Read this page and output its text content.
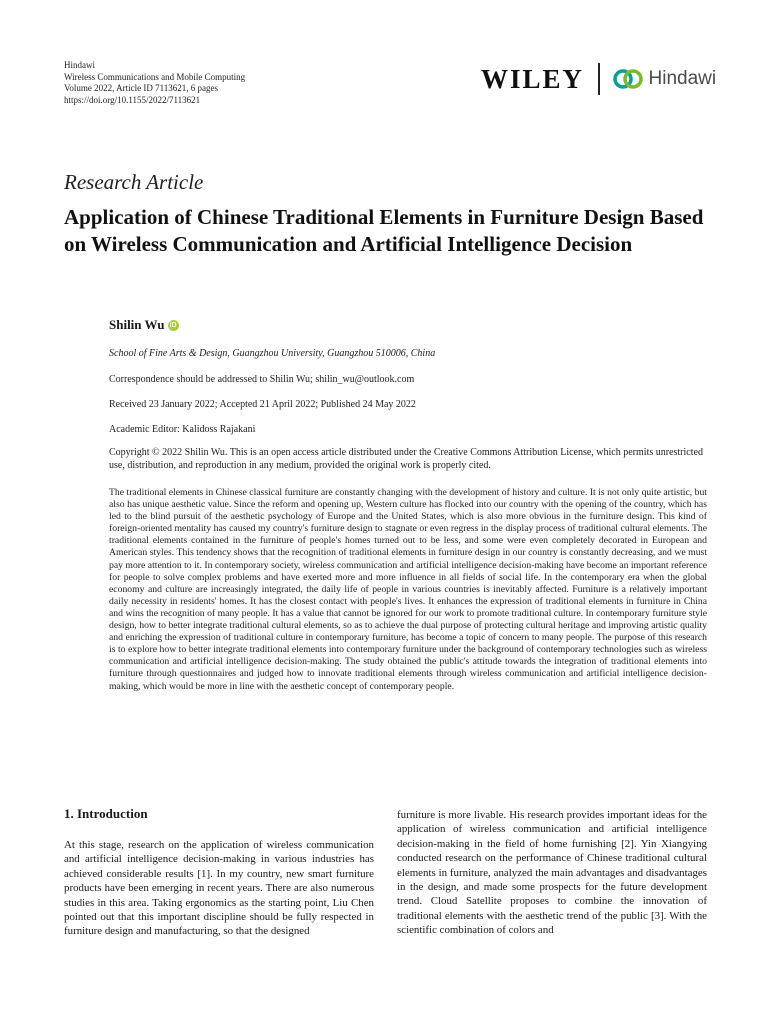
Hindawi
Wireless Communications and Mobile Computing
Volume 2022, Article ID 7113621, 6 pages
https://doi.org/10.1155/2022/7113621
WILEY	Hindawi
Research Article
Application of Chinese Traditional Elements in Furniture Design Based on Wireless Communication and Artificial Intelligence Decision
Shilin Wu iD
School of Fine Arts & Design, Guangzhou University, Guangzhou 510006, China
Correspondence should be addressed to Shilin Wu; shilin_wu@outlook.com
Received 23 January 2022; Accepted 21 April 2022; Published 24 May 2022
Academic Editor: Kalidoss Rajakani

Copyright © 2022 Shilin Wu. This is an open access article distributed under the Creative Commons Attribution License, which permits unrestricted use, distribution, and reproduction in any medium, provided the original work is properly cited.

The traditional elements in Chinese classical furniture are constantly changing with the development of history and culture. It is not only quite artistic, but also has unique aesthetic value. Since the reform and opening up, Western culture has flocked into our country with the opening of the country, which has led to the blind pursuit of the aesthetic psychology of Europe and the United States, which is also more obvious in the furniture design. This kind of foreign-oriented mentality has caused my country's furniture design to stagnate or even regress in the display process of traditional cultural elements. The traditional elements contained in the furniture of people's homes turned out to be less, and some were even completely decorated in European and American styles. This tendency shows that the recognition of traditional elements in furniture design in our country is constantly decreasing, and we must pay more attention to it. In contemporary society, wireless communication and artificial intelligence decision-making have become an important reference for people to solve complex problems and have exerted more and more influence in all fields of social life. In the contemporary era when the global economy and culture are increasingly integrated, the daily life of people in various countries is inevitably affected. Furniture is a relatively important daily necessity in residents' homes. It has the closest contact with people's lives. It enhances the expression of traditional elements in furniture in China and wins the recognition of many people. It has a value that cannot be ignored for our work to promote traditional culture. In contemporary furniture style design, how to better integrate traditional cultural elements, so as to achieve the dual purpose of protecting cultural heritage and improving artistic quality and enriching the expression of traditional culture in contemporary furniture, has become a topic of concern to many people. The purpose of this research is to explore how to better integrate traditional elements into contemporary furniture under the background of contemporary technologies such as wireless communication and artificial intelligence decision-making. The study obtained the public's attitude towards the integration of traditional elements into furniture through questionnaires and judged how to innovate traditional elements through wireless communication and artificial intelligence decision-making, which would be more in line with the aesthetic concept of contemporary people.

1. Introduction

At this stage, research on the application of wireless communication and artificial intelligence decision-making in various industries has achieved considerable results [1]. In my country, new smart furniture products have been emerging in recent years. There are also numerous studies in this area. Taking ergonomics as the starting point, Liu Chen pointed out that this important discipline should be fully respected in furniture design and manufacturing, so that the designed

furniture is more livable. His research provides important ideas for the application of wireless communication and artificial intelligence decision-making in the field of home furnishing [2]. Yin Xiangying conducted research on the performance of Chinese traditional cultural elements in furniture, analyzed the main advantages and disadvantages in the design, and made some prospects for the future development trend. Cloud Satellite proposes to combine the innovation of traditional elements with the aesthetic trend of the public [3]. With the scientific combination of colors and
